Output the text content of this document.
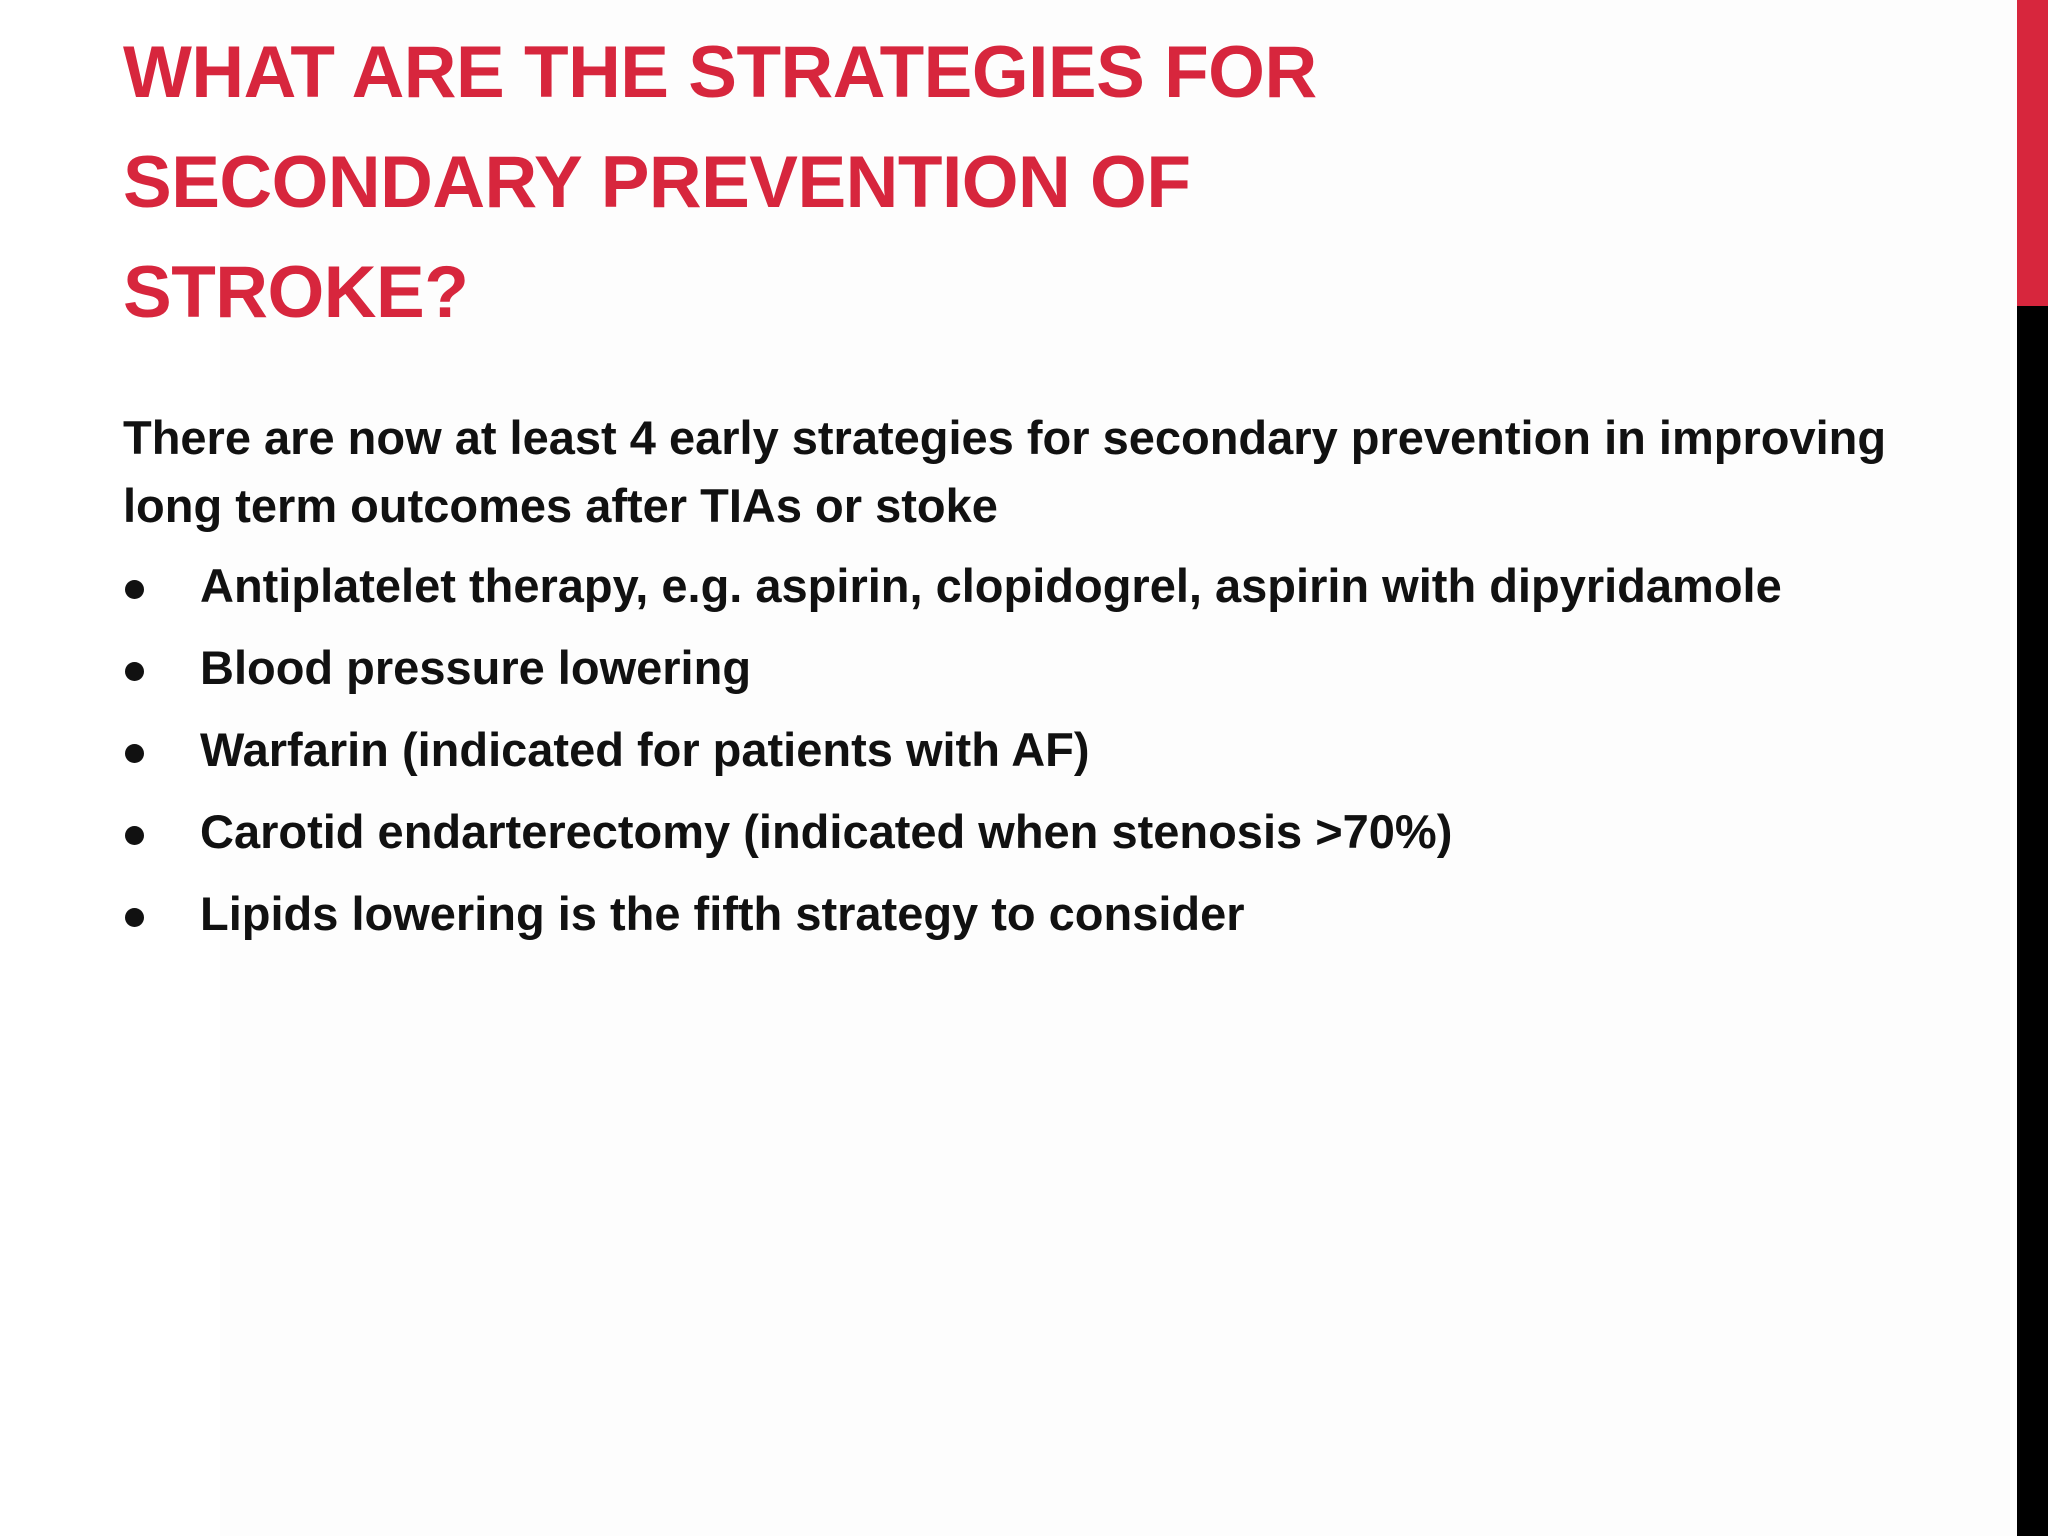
WHAT ARE THE STRATEGIES FOR
SECONDARY PREVENTION OF
STROKE?

There are now at least 4 early strategies for secondary prevention in improving long term outcomes after TIAs or stoke

Antiplatelet therapy, e.g. aspirin, clopidogrel, aspirin with dipyridamole
Blood pressure lowering
Warfarin (indicated for patients with AF)
Carotid endarterectomy (indicated when stenosis >70%)
Lipids lowering is the fifth strategy to consider
